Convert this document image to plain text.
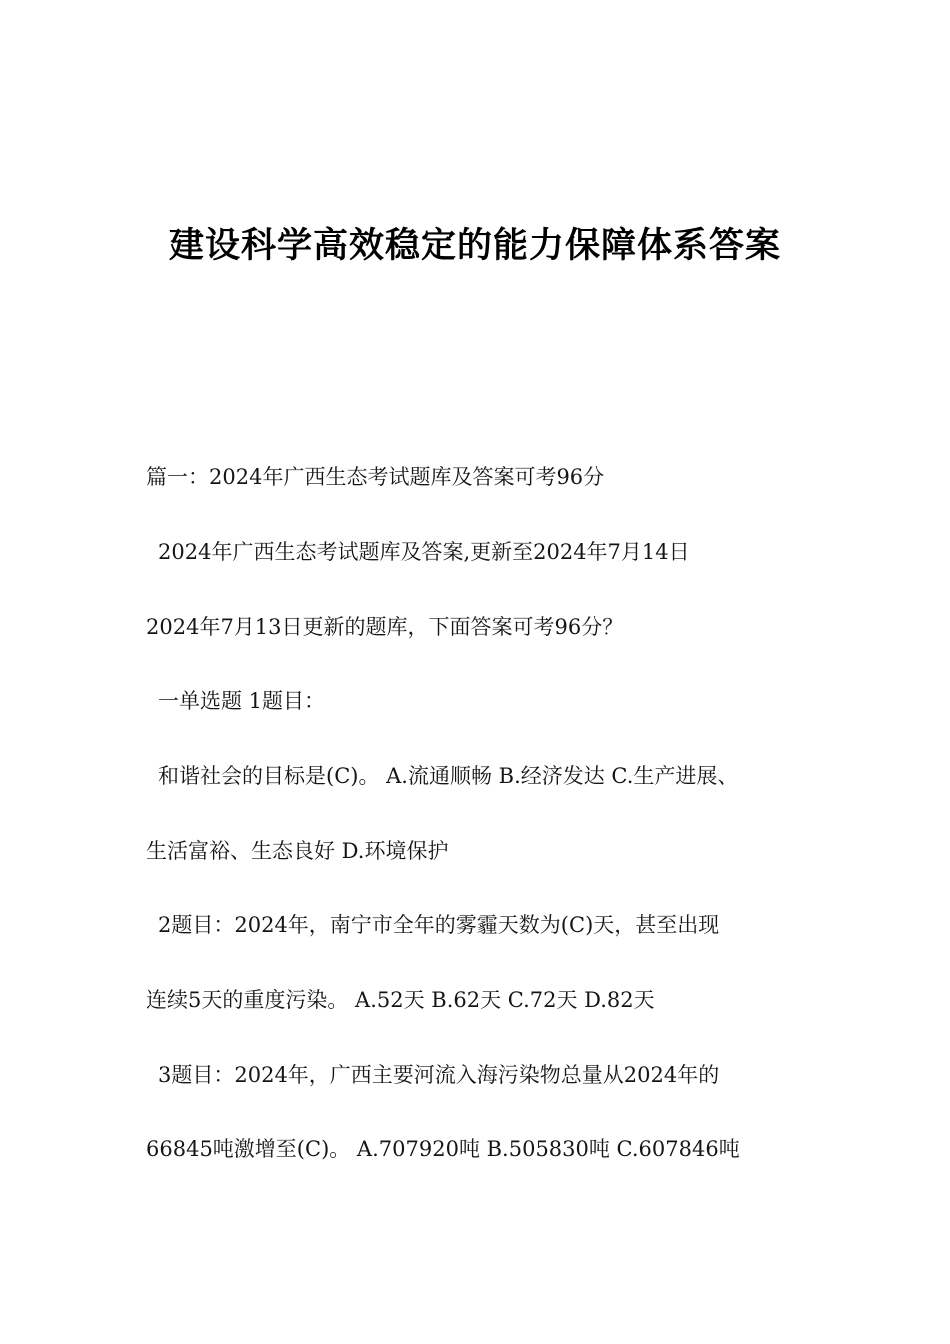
建设科学高效稳定的能力保障体系答案
篇一：2024年广西生态考试题库及答案可考96分
2024年广西生态考试题库及答案,更新至2024年7月14日
2024年7月13日更新的题库，下面答案可考96分？
一单选题 1题目：
和谐社会的目标是(C)。 A.流通顺畅 B.经济发达 C.生产进展、
生活富裕、生态良好 D.环境保护
2题目：2024年，南宁市全年的雾霾天数为(C)天，甚至出现
连续5天的重度污染。 A.52天 B.62天 C.72天 D.82天
3题目：2024年，广西主要河流入海污染物总量从2024年的
66845吨激增至(C)。 A.707920吨 B.505830吨 C.607846吨
